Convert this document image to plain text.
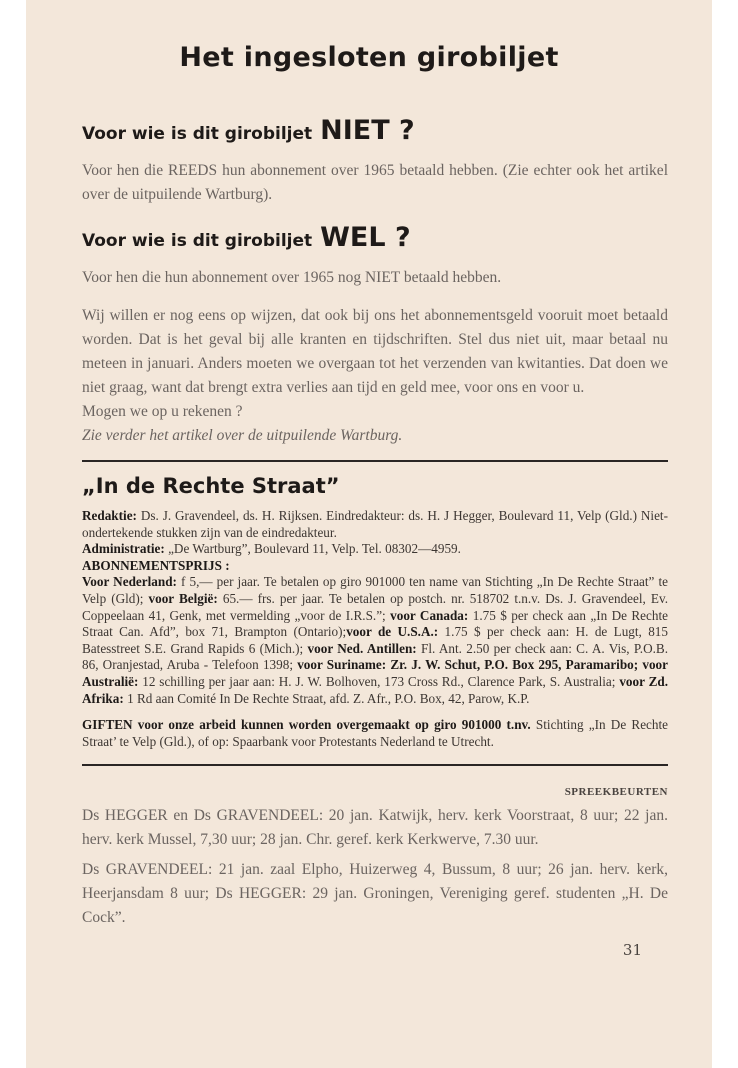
Het ingesloten girobiljet
Voor wie is dit girobiljet NIET ?
Voor hen die REEDS hun abonnement over 1965 betaald hebben. (Zie echter ook het artikel over de uitpuilende Wartburg).
Voor wie is dit girobiljet WEL ?
Voor hen die hun abonnement over 1965 nog NIET betaald hebben.
Wij willen er nog eens op wijzen, dat ook bij ons het abonnementsgeld vooruit moet betaald worden. Dat is het geval bij alle kranten en tijdschriften. Stel dus niet uit, maar betaal nu meteen in januari. Anders moeten we overgaan tot het verzenden van kwitanties. Dat doen we niet graag, want dat brengt extra verlies aan tijd en geld mee, voor ons en voor u.
Mogen we op u rekenen ?
Zie verder het artikel over de uitpuilende Wartburg.
„In de Rechte Straat”
Redaktie: Ds. J. Gravendeel, ds. H. Rijksen. Eindredakteur: ds. H. J Hegger, Boulevard 11, Velp (Gld.) Niet-ondertekende stukken zijn van de eindredakteur.
Administratie: „De Wartburg”, Boulevard 11, Velp. Tel. 08302—4959.
ABONNEMENTSPRIJS :
Voor Nederland: f 5,— per jaar. Te betalen op giro 901000 ten name van Stichting „In De Rechte Straat” te Velp (Gld); voor België: 65.— frs. per jaar. Te betalen op postch. nr. 518702 t.n.v. Ds. J. Gravendeel, Ev. Coppeelaan 41, Genk, met vermelding „voor de I.R.S.”; voor Canada: 1.75 $ per check aan „In De Rechte Straat Can. Afd”, box 71, Brampton (Ontario);voor de U.S.A.: 1.75 $ per check aan: H. de Lugt, 815 Batesstreet S.E. Grand Rapids 6 (Mich.); voor Ned. Antillen: Fl. Ant. 2.50 per check aan: C. A. Vis, P.O.B. 86, Oranjestad, Aruba - Telefoon 1398; voor Suriname: Zr. J. W. Schut, P.O. Box 295, Paramaribo; voor Australië: 12 schilling per jaar aan: H. J. W. Bolhoven, 173 Cross Rd., Clarence Park, S. Australia; voor Zd. Afrika: 1 Rd aan Comité In De Rechte Straat, afd. Z. Afr., P.O. Box, 42, Parow, K.P.
GIFTEN voor onze arbeid kunnen worden overgemaakt op giro 901000 t.nv. Stichting „In De Rechte Straat’ te Velp (Gld.), of op: Spaarbank voor Protestants Nederland te Utrecht.
SPREEKBEURTEN
Ds HEGGER en Ds GRAVENDEEL: 20 jan. Katwijk, herv. kerk Voorstraat, 8 uur; 22 jan. herv. kerk Mussel, 7,30 uur; 28 jan. Chr. geref. kerk Kerkwerve, 7.30 uur.
Ds GRAVENDEEL: 21 jan. zaal Elpho, Huizerweg 4, Bussum, 8 uur; 26 jan. herv. kerk, Heerjansdam 8 uur; Ds HEGGER: 29 jan. Groningen, Vereniging geref. studenten „H. De Cock”.
31
